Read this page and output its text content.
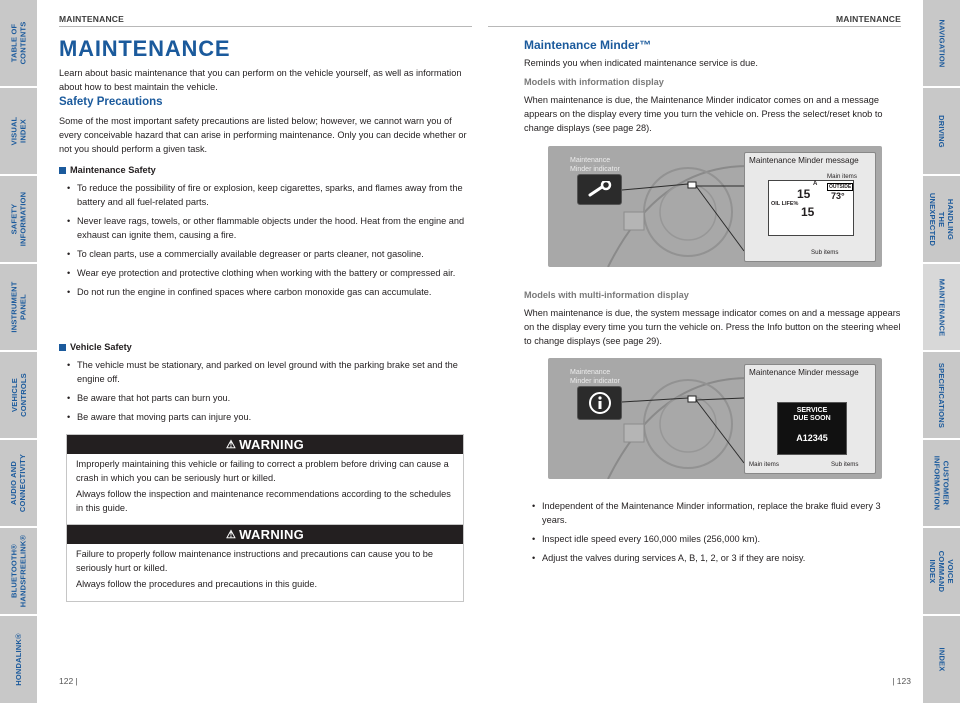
TABLE OF CONTENTS
VISUAL INDEX
SAFETY
INFORMATION
INSTRUMENT PANEL
VEHICLE
CONTROLS
AUDIO AND
CONNECTIVITY
BLUETOOTH®
HANDSFREELINK®
HONDALINK®
NAVIGATION
DRIVING
HANDLING THE
UNEXPECTED
MAINTENANCE
SPECIFICATIONS
CUSTOMER
INFORMATION
VOICE COMMAND
INDEX
INDEX
MAINTENANCE
MAINTENANCE
Learn about basic maintenance that you can perform on the vehicle yourself, as well as information about how to best maintain the vehicle.
Safety Precautions
Some of the most important safety precautions are listed below; however, we cannot warn you of every conceivable hazard that can arise in performing maintenance. Only you can decide whether or not you should perform a given task.
Maintenance Safety
• To reduce the possibility of fire or explosion, keep cigarettes, sparks, and flames away from the battery and all fuel-related parts.
• Never leave rags, towels, or other flammable objects under the hood. Heat from the engine and exhaust can ignite them, causing a fire.
• To clean parts, use a commercially available degreaser or parts cleaner, not gasoline.
• Wear eye protection and protective clothing when working with the battery or compressed air.
• Do not run the engine in confined spaces where carbon monoxide gas can accumulate.
Vehicle Safety
• The vehicle must be stationary, and parked on level ground with the parking brake set and the engine off.
• Be aware that hot parts can burn you.
• Be aware that moving parts can injure you.
⚠ WARNING

Improperly maintaining this vehicle or failing to correct a problem before driving can cause a crash in which you can be seriously hurt or killed.

Always follow the inspection and maintenance recommendations according to the schedules in this guide.

⚠ WARNING

Failure to properly follow maintenance instructions and precautions can cause you to be seriously hurt or killed.

Always follow the procedures and precautions in this guide.

122 |
MAINTENANCE
Maintenance Minder™
Reminds you when indicated maintenance service is due.
Models with information display
When maintenance is due, the Maintenance Minder indicator comes on and a message appears on the display every time you turn the vehicle on. Press the select/reset knob to change displays (see page 28).
Maintenance
Minder indicator
Maintenance Minder message
Main items
OIL LIFE%
15
15
OUTSIDE
73°
A
Sub items
Models with multi-information display
When maintenance is due, the system message indicator comes on and a message appears on the display every time you turn the vehicle on. Press the Info button on the steering wheel to change displays (see page 29).
Maintenance
Minder indicator
Maintenance Minder message
SERVICE
DUE SOON
A12345
Main items	Sub items
• Independent of the Maintenance Minder information, replace the brake fluid every 3 years.
• Inspect idle speed every 160,000 miles (256,000 km).
• Adjust the valves during services A, B, 1, 2, or 3 if they are noisy.
| 123
